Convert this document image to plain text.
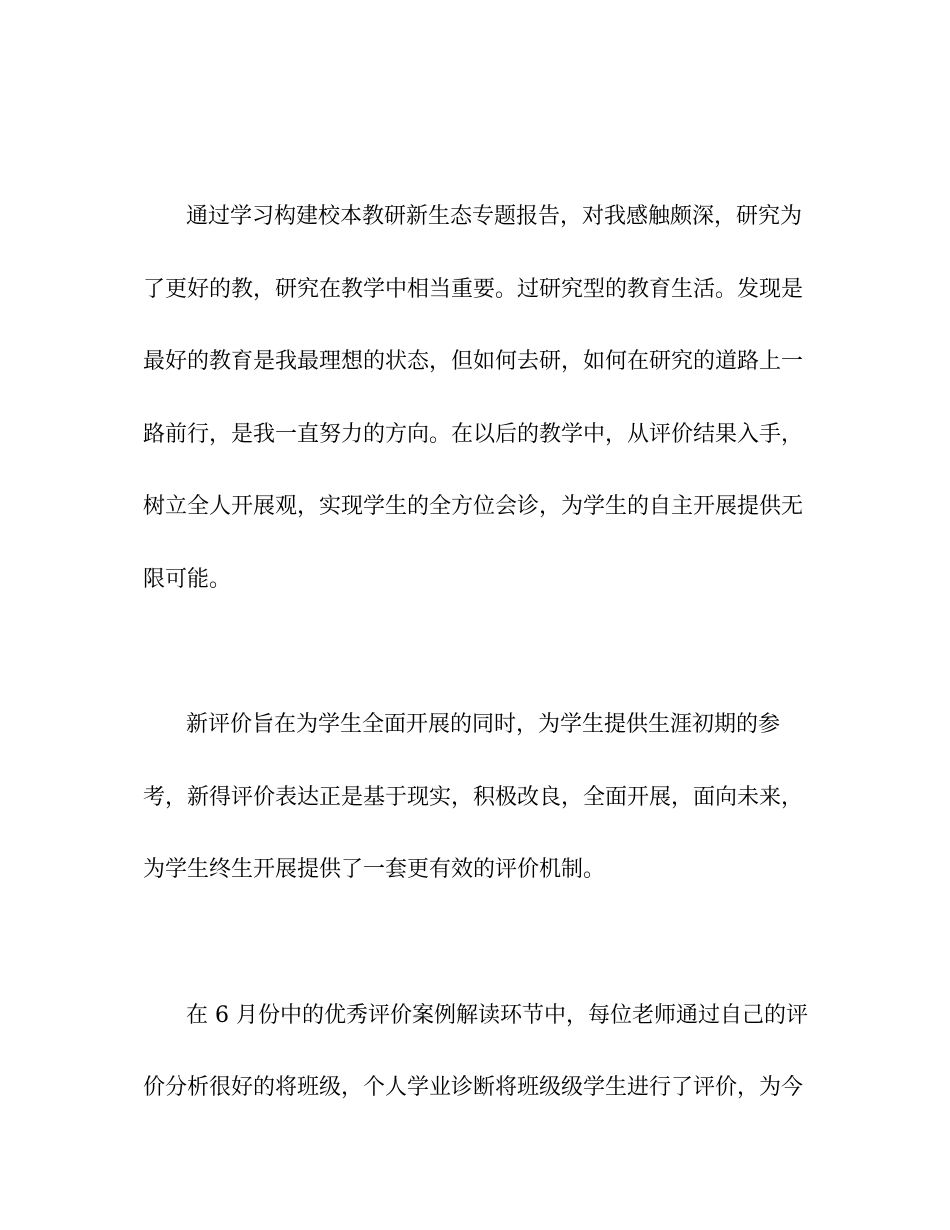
通过学习构建校本教研新生态专题报告，对我感触颇深，研究为
了更好的教，研究在教学中相当重要。过研究型的教育生活。发现是
最好的教育是我最理想的状态，但如何去研，如何在研究的道路上一
路前行，是我一直努力的方向。在以后的教学中，从评价结果入手，
树立全人开展观，实现学生的全方位会诊，为学生的自主开展提供无
限可能。
新评价旨在为学生全面开展的同时，为学生提供生涯初期的参
考，新得评价表达正是基于现实，积极改良，全面开展，面向未来，
为学生终生开展提供了一套更有效的评价机制。
在 6 月份中的优秀评价案例解读环节中，每位老师通过自己的评
价分析很好的将班级，个人学业诊断将班级级学生进行了评价，为今
